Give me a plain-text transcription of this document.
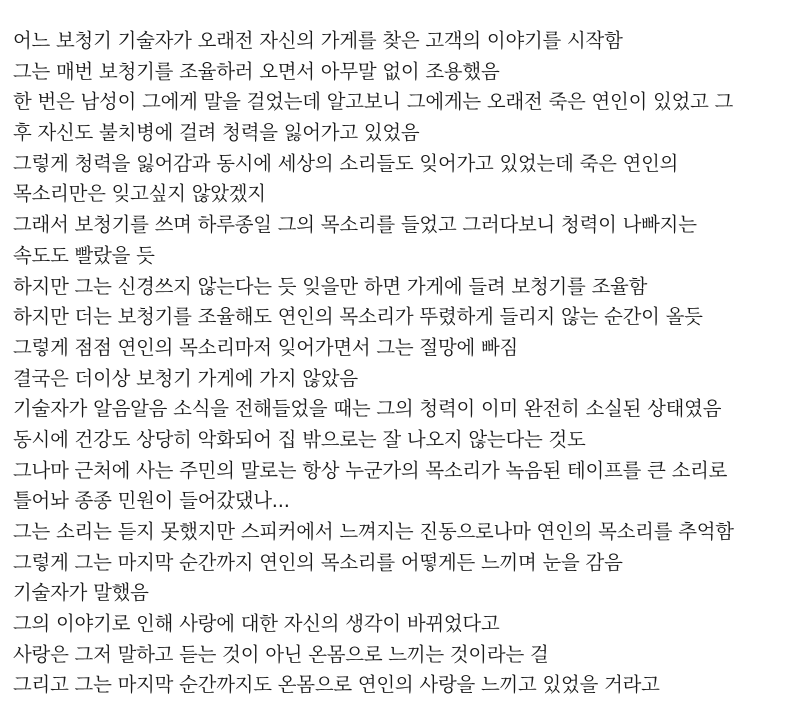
어느 보청기 기술자가 오래전 자신의 가게를 찾은 고객의 이야기를 시작함
그는 매번 보청기를 조율하러 오면서 아무말 없이 조용했음
한 번은 남성이 그에게 말을 걸었는데 알고보니 그에게는 오래전 죽은 연인이 있었고 그
후 자신도 불치병에 걸려 청력을 잃어가고 있었음
그렇게 청력을 잃어감과 동시에 세상의 소리들도 잊어가고 있었는데 죽은 연인의
목소리만은 잊고싶지 않았겠지
그래서 보청기를 쓰며 하루종일 그의 목소리를 들었고 그러다보니 청력이 나빠지는
속도도 빨랐을 듯
하지만 그는 신경쓰지 않는다는 듯 잊을만 하면 가게에 들려 보청기를 조율함
하지만 더는 보청기를 조율해도 연인의 목소리가 뚜렸하게 들리지 않는 순간이 올듯
그렇게 점점 연인의 목소리마저 잊어가면서 그는 절망에 빠짐
결국은 더이상 보청기 가게에 가지 않았음
기술자가 알음알음 소식을 전해들었을 때는 그의 청력이 이미 완전히 소실된 상태였음
동시에 건강도 상당히 악화되어 집 밖으로는 잘 나오지 않는다는 것도
그나마 근처에 사는 주민의 말로는 항상 누군가의 목소리가 녹음된 테이프를 큰 소리로
틀어놔 종종 민원이 들어갔댔나...
그는 소리는 듣지 못했지만 스피커에서 느껴지는 진동으로나마 연인의 목소리를 추억함
그렇게 그는 마지막 순간까지 연인의 목소리를 어떻게든 느끼며 눈을 감음
기술자가 말했음
그의 이야기로 인해 사랑에 대한 자신의 생각이 바뀌었다고
사랑은 그저 말하고 듣는 것이 아닌 온몸으로 느끼는 것이라는 걸
그리고 그는 마지막 순간까지도 온몸으로 연인의 사랑을 느끼고 있었을 거라고
